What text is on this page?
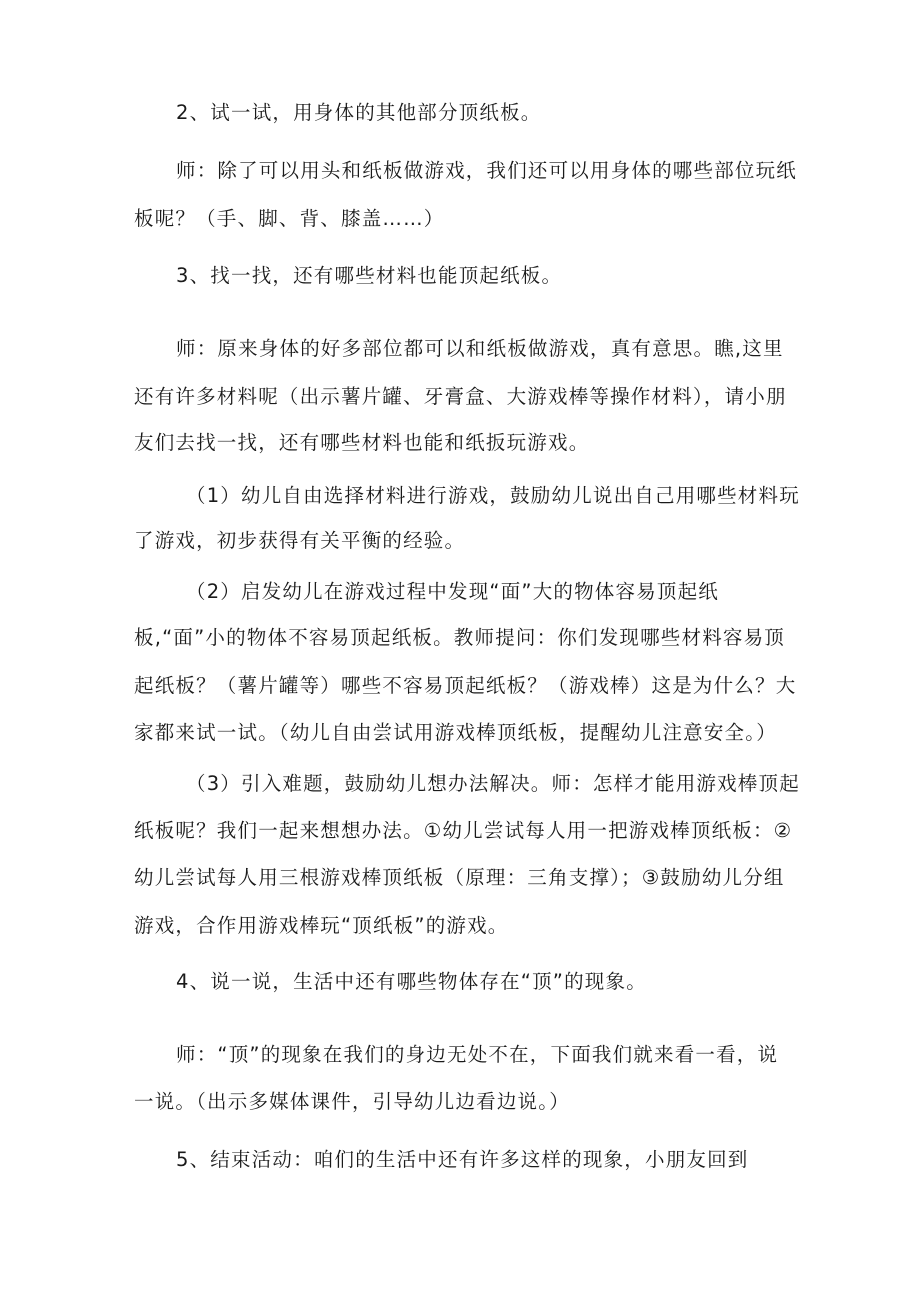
2、试一试，用身体的其他部分顶纸板。
师：除了可以用头和纸板做游戏，我们还可以用身体的哪些部位玩纸
板呢？（手、脚、背、膝盖……）
3、找一找，还有哪些材料也能顶起纸板。
师：原来身体的好多部位都可以和纸板做游戏，真有意思。瞧,这里
还有许多材料呢（出示薯片罐、牙膏盒、大游戏棒等操作材料），请小朋
友们去找一找，还有哪些材料也能和纸扳玩游戏。
（1）幼儿自由选择材料进行游戏，鼓励幼儿说出自己用哪些材料玩
了游戏，初步获得有关平衡的经验。
（2）启发幼儿在游戏过程中发现“面”大的物体容易顶起纸
板,“面”小的物体不容易顶起纸板。教师提问：你们发现哪些材料容易顶
起纸板？（薯片罐等）哪些不容易顶起纸板？（游戏棒）这是为什么？大
家都来试一试。（幼儿自由尝试用游戏棒顶纸板，提醒幼儿注意安全。）
（3）引入难题，鼓励幼儿想办法解决。师：怎样才能用游戏棒顶起
纸板呢？我们一起来想想办法。①幼儿尝试每人用一把游戏棒顶纸板：②
幼儿尝试每人用三根游戏棒顶纸板（原理：三角支撑）；③鼓励幼儿分组
游戏，合作用游戏棒玩“顶纸板”的游戏。
4、说一说，生活中还有哪些物体存在“顶”的现象。
师：“顶”的现象在我们的身边无处不在，下面我们就来看一看，说
一说。（出示多媒体课件，引导幼儿边看边说。）
5、结束活动：咱们的生活中还有许多这样的现象，小朋友回到
